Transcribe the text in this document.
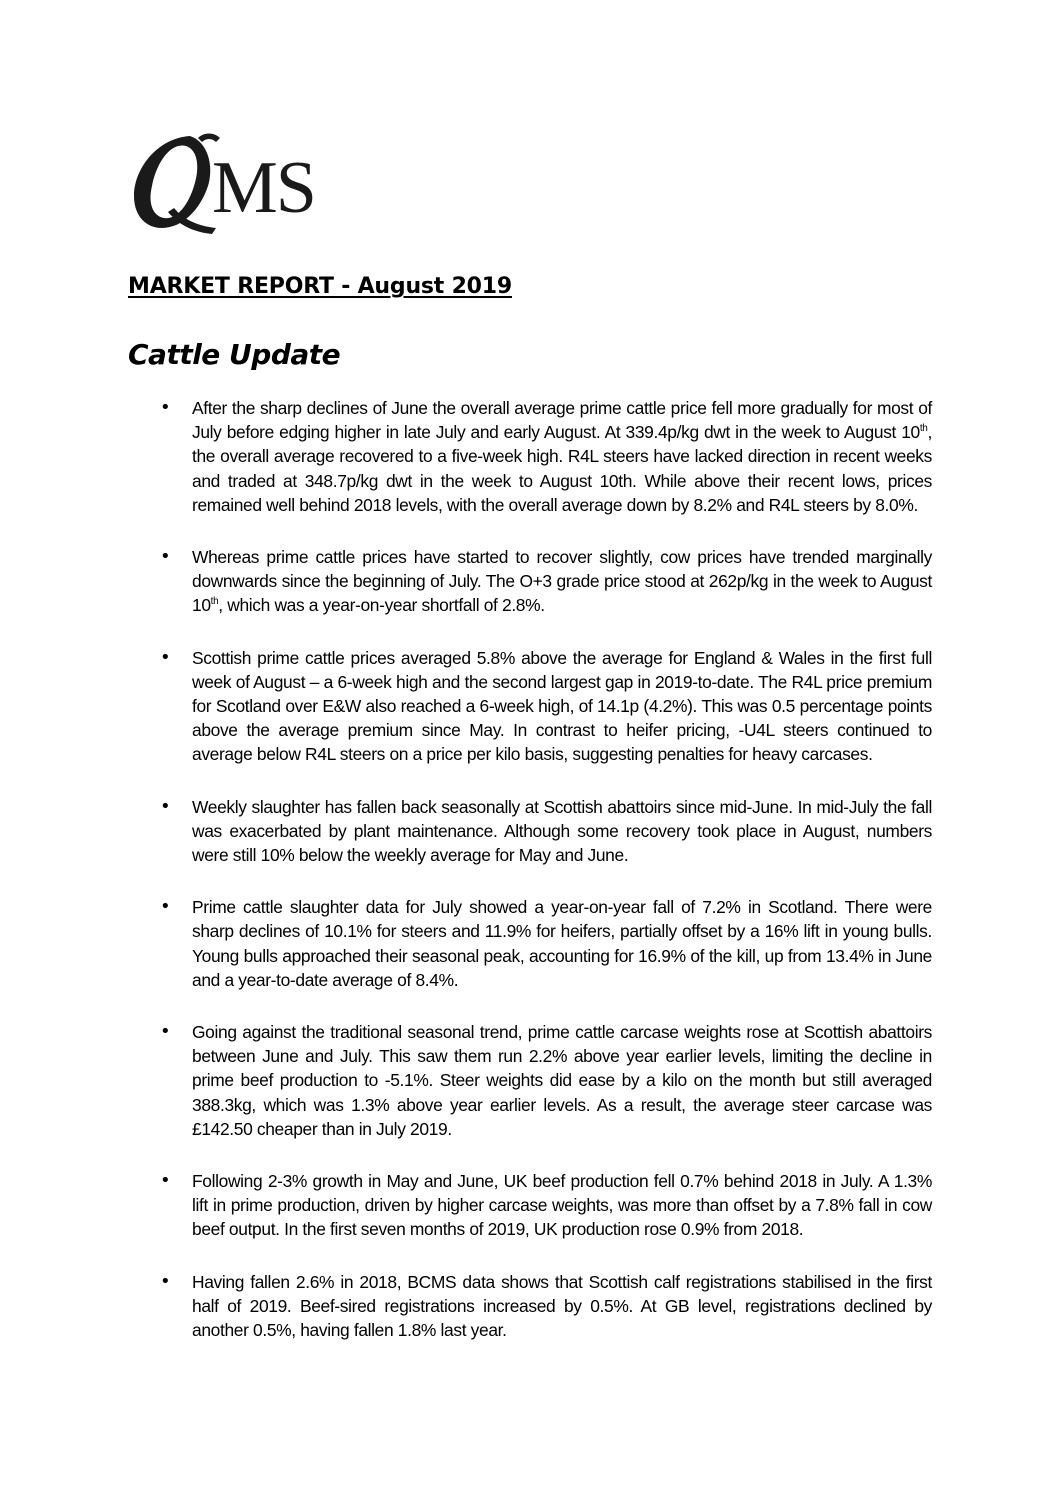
MS
MARKET REPORT - August 2019
Cattle Update
• After the sharp declines of June the overall average prime cattle price fell more gradually for most of July before edging higher in late July and early August. At 339.4p/kg dwt in the week to August 10th, the overall average recovered to a five-week high. R4L steers have lacked direction in recent weeks and traded at 348.7p/kg dwt in the week to August 10th. While above their recent lows, prices remained well behind 2018 levels, with the overall average down by 8.2% and R4L steers by 8.0%.
• Whereas prime cattle prices have started to recover slightly, cow prices have trended marginally downwards since the beginning of July. The O+3 grade price stood at 262p/kg in the week to August 10th, which was a year-on-year shortfall of 2.8%.
• Scottish prime cattle prices averaged 5.8% above the average for England & Wales in the first full week of August – a 6-week high and the second largest gap in 2019-to-date. The R4L price premium for Scotland over E&W also reached a 6-week high, of 14.1p (4.2%). This was 0.5 percentage points above the average premium since May. In contrast to heifer pricing, -U4L steers continued to average below R4L steers on a price per kilo basis, suggesting penalties for heavy carcases.
• Weekly slaughter has fallen back seasonally at Scottish abattoirs since mid-June. In mid-July the fall was exacerbated by plant maintenance. Although some recovery took place in August, numbers were still 10% below the weekly average for May and June.
• Prime cattle slaughter data for July showed a year-on-year fall of 7.2% in Scotland. There were sharp declines of 10.1% for steers and 11.9% for heifers, partially offset by a 16% lift in young bulls. Young bulls approached their seasonal peak, accounting for 16.9% of the kill, up from 13.4% in June and a year-to-date average of 8.4%.
• Going against the traditional seasonal trend, prime cattle carcase weights rose at Scottish abattoirs between June and July. This saw them run 2.2% above year earlier levels, limiting the decline in prime beef production to -5.1%. Steer weights did ease by a kilo on the month but still averaged 388.3kg, which was 1.3% above year earlier levels. As a result, the average steer carcase was £142.50 cheaper than in July 2019.
• Following 2-3% growth in May and June, UK beef production fell 0.7% behind 2018 in July. A 1.3% lift in prime production, driven by higher carcase weights, was more than offset by a 7.8% fall in cow beef output. In the first seven months of 2019, UK production rose 0.9% from 2018.
• Having fallen 2.6% in 2018, BCMS data shows that Scottish calf registrations stabilised in the first half of 2019. Beef-sired registrations increased by 0.5%. At GB level, registrations declined by another 0.5%, having fallen 1.8% last year.
